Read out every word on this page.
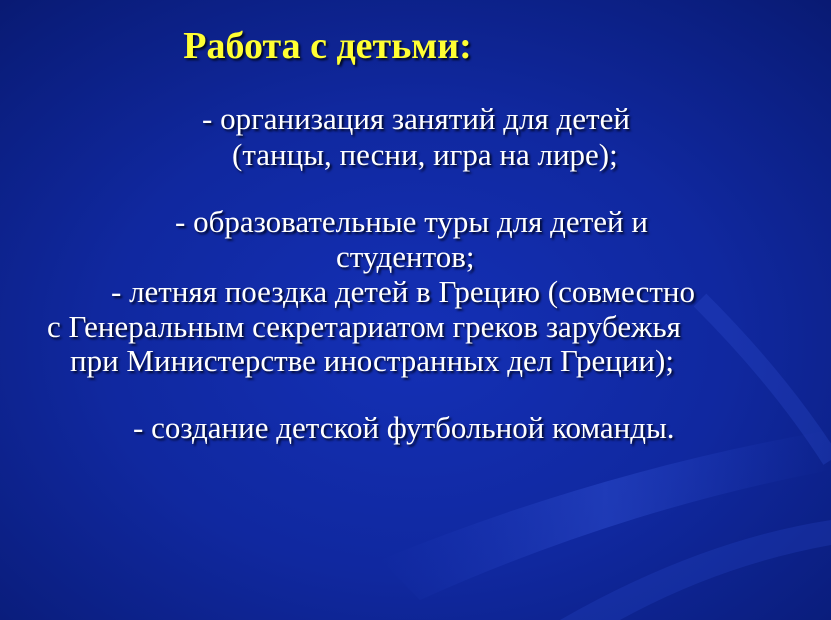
Работа с детьми:

- организация занятий для детей

(танцы, песни, игра на лире);

- образовательные туры для детей и

студентов;

- летняя поездка детей в Грецию (совместно

с Генеральным секретариатом греков зарубежья

при Министерстве иностранных дел Греции);

- создание детской футбольной команды.
